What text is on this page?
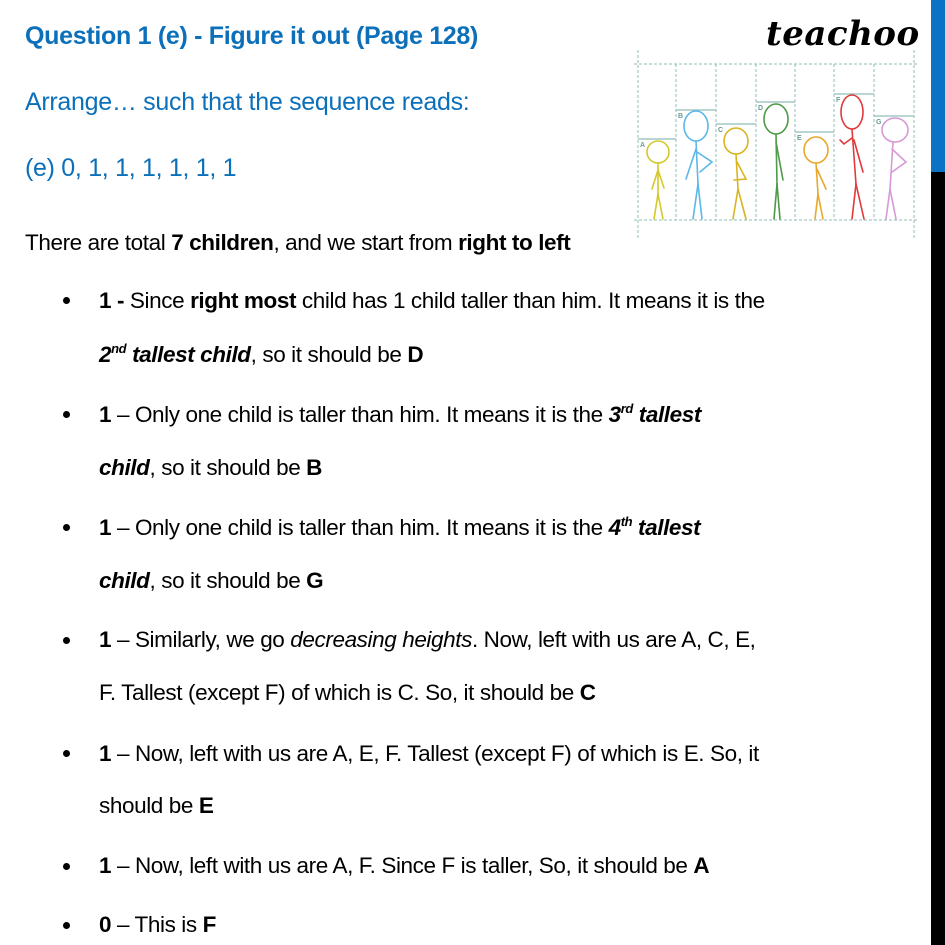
Question 1 (e) - Figure it out (Page 128)
Arrange… such that the sequence reads:
(e) 0, 1, 1, 1, 1, 1, 1
teachoo
A
B
C
D
E
F
G
There are total 7 children, and we start from right to left
1 - Since right most child has 1 child taller than him. It means it is the
2nd tallest child, so it should be D
1 – Only one child is taller than him. It means it is the 3rd tallest
child, so it should be B
1 – Only one child is taller than him. It means it is the 4th tallest
child, so it should be G
1 – Similarly, we go decreasing heights. Now, left with us are A, C, E,
F. Tallest (except F) of which is C. So, it should be C
1 – Now, left with us are A, E, F. Tallest (except F) of which is E. So, it
should be E
1 – Now, left with us are A, F. Since F is taller, So, it should be A
0 – This is F
